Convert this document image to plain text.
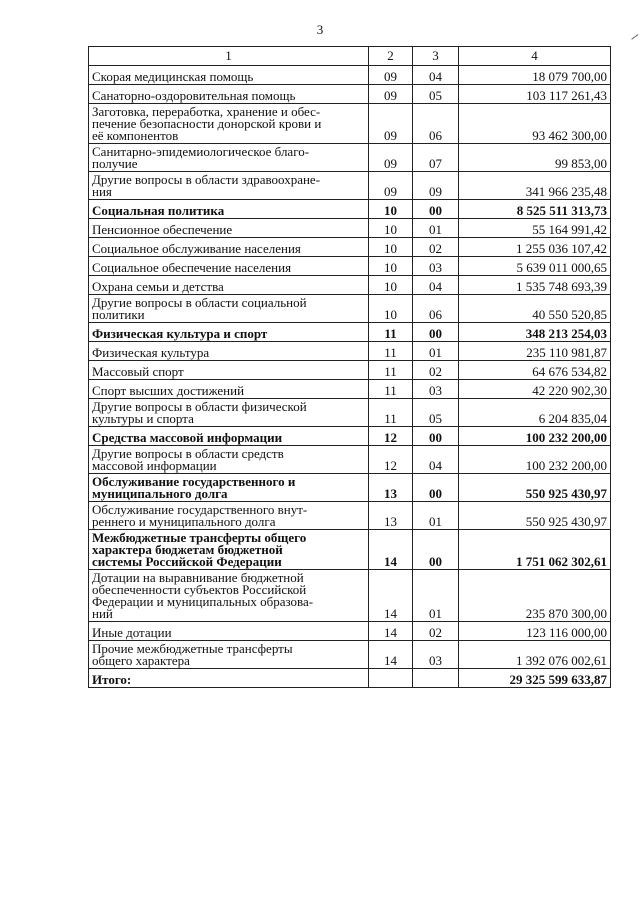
3
1	2	3	4
Скорая медицинская помощь	09	04	18 079 700,00
Санаторно-оздоровительная помощь	09	05	103 117 261,43
Заготовка, переработка, хранение и обес-
печение безопасности донорской крови и
её компонентов	09	06	93 462 300,00
Санитарно-эпидемиологическое благо-
получие	09	07	99 853,00
Другие вопросы в области здравоохране-
ния	09	09	341 966 235,48
Социальная политика	10	00	8 525 511 313,73
Пенсионное обеспечение	10	01	55 164 991,42
Социальное обслуживание населения	10	02	1 255 036 107,42
Социальное обеспечение населения	10	03	5 639 011 000,65
Охрана семьи и детства	10	04	1 535 748 693,39
Другие вопросы в области социальной
политики	10	06	40 550 520,85
Физическая культура и спорт	11	00	348 213 254,03
Физическая культура	11	01	235 110 981,87
Массовый спорт	11	02	64 676 534,82
Спорт высших достижений	11	03	42 220 902,30
Другие вопросы в области физической
культуры и спорта	11	05	6 204 835,04
Средства массовой информации	12	00	100 232 200,00
Другие вопросы в области средств
массовой информации	12	04	100 232 200,00
Обслуживание государственного и
муниципального долга	13	00	550 925 430,97
Обслуживание государственного внут-
реннего и муниципального долга	13	01	550 925 430,97
Межбюджетные трансферты общего
характера бюджетам бюджетной
системы Российской Федерации	14	00	1 751 062 302,61
Дотации на выравнивание бюджетной
обеспеченности субъектов Российской
Федерации и муниципальных образова-
ний	14	01	235 870 300,00
Иные дотации	14	02	123 116 000,00
Прочие межбюджетные трансферты
общего характера	14	03	1 392 076 002,61
Итого:			29 325 599 633,87
